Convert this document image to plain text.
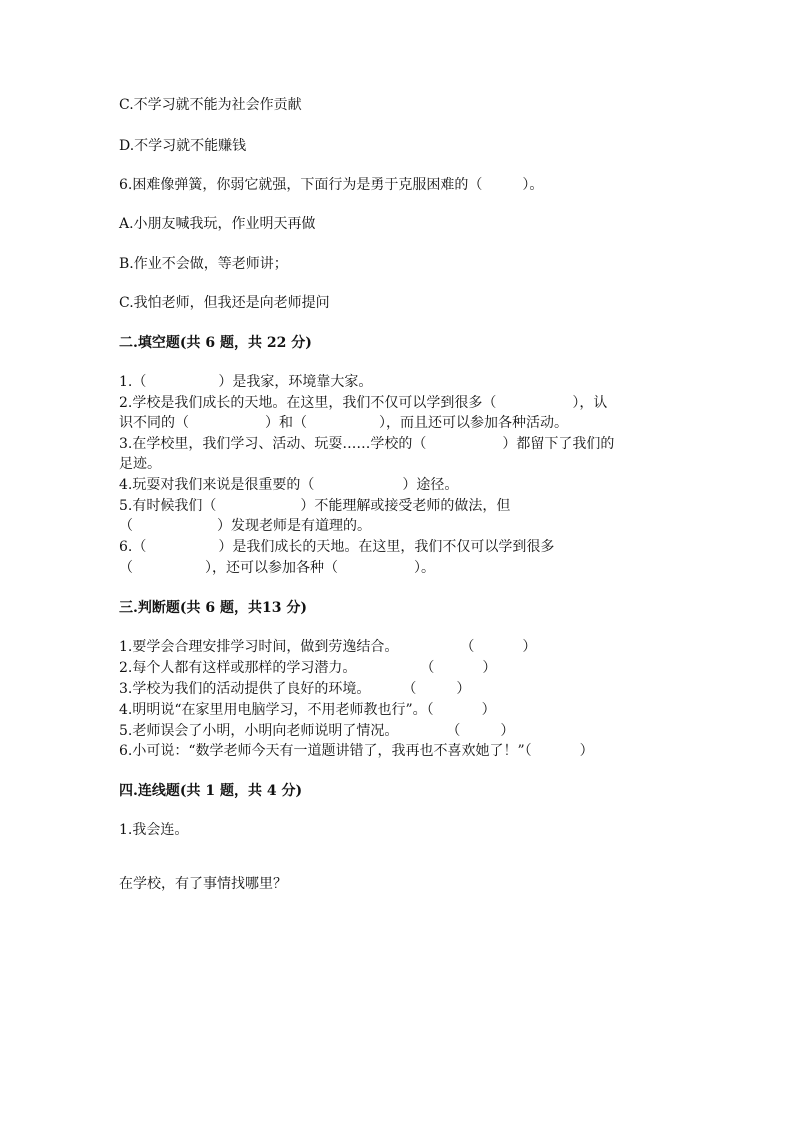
C.不学习就不能为社会作贡献
D.不学习就不能赚钱
6.困难像弹簧，你弱它就强，下面行为是勇于克服困难的（	）。
A.小朋友喊我玩，作业明天再做
B.作业不会做，等老师讲；
C.我怕老师，但我还是向老师提问
二.填空题(共 6 题，共 22 分)
1.（	）是我家，环境靠大家。
2.学校是我们成长的天地。在这里，我们不仅可以学到很多（	），认
识不同的（	）和（	），而且还可以参加各种活动。
3.在学校里，我们学习、活动、玩耍……学校的（	）都留下了我们的
足迹。
4.玩耍对我们来说是很重要的（	）途径。
5.有时候我们（	）不能理解或接受老师的做法，但
（	）发现老师是有道理的。
6.（	）是我们成长的天地。在这里，我们不仅可以学到很多
（	），还可以参加各种（	）。
三.判断题(共 6 题，共13 分)
1.要学会合理安排学习时间，做到劳逸结合。	（	）
2.每个人都有这样或那样的学习潜力。	（	）
3.学校为我们的活动提供了良好的环境。 （	）
4.明明说“在家里用电脑学习，不用老师教也行”。（	）
5.老师误会了小明，小明向老师说明了情况。	（	）
6.小可说：“数学老师今天有一道题讲错了，我再也不喜欢她了！”（	）
四.连线题(共 1 题，共 4 分)
1.我会连。
在学校，有了事情找哪里？
